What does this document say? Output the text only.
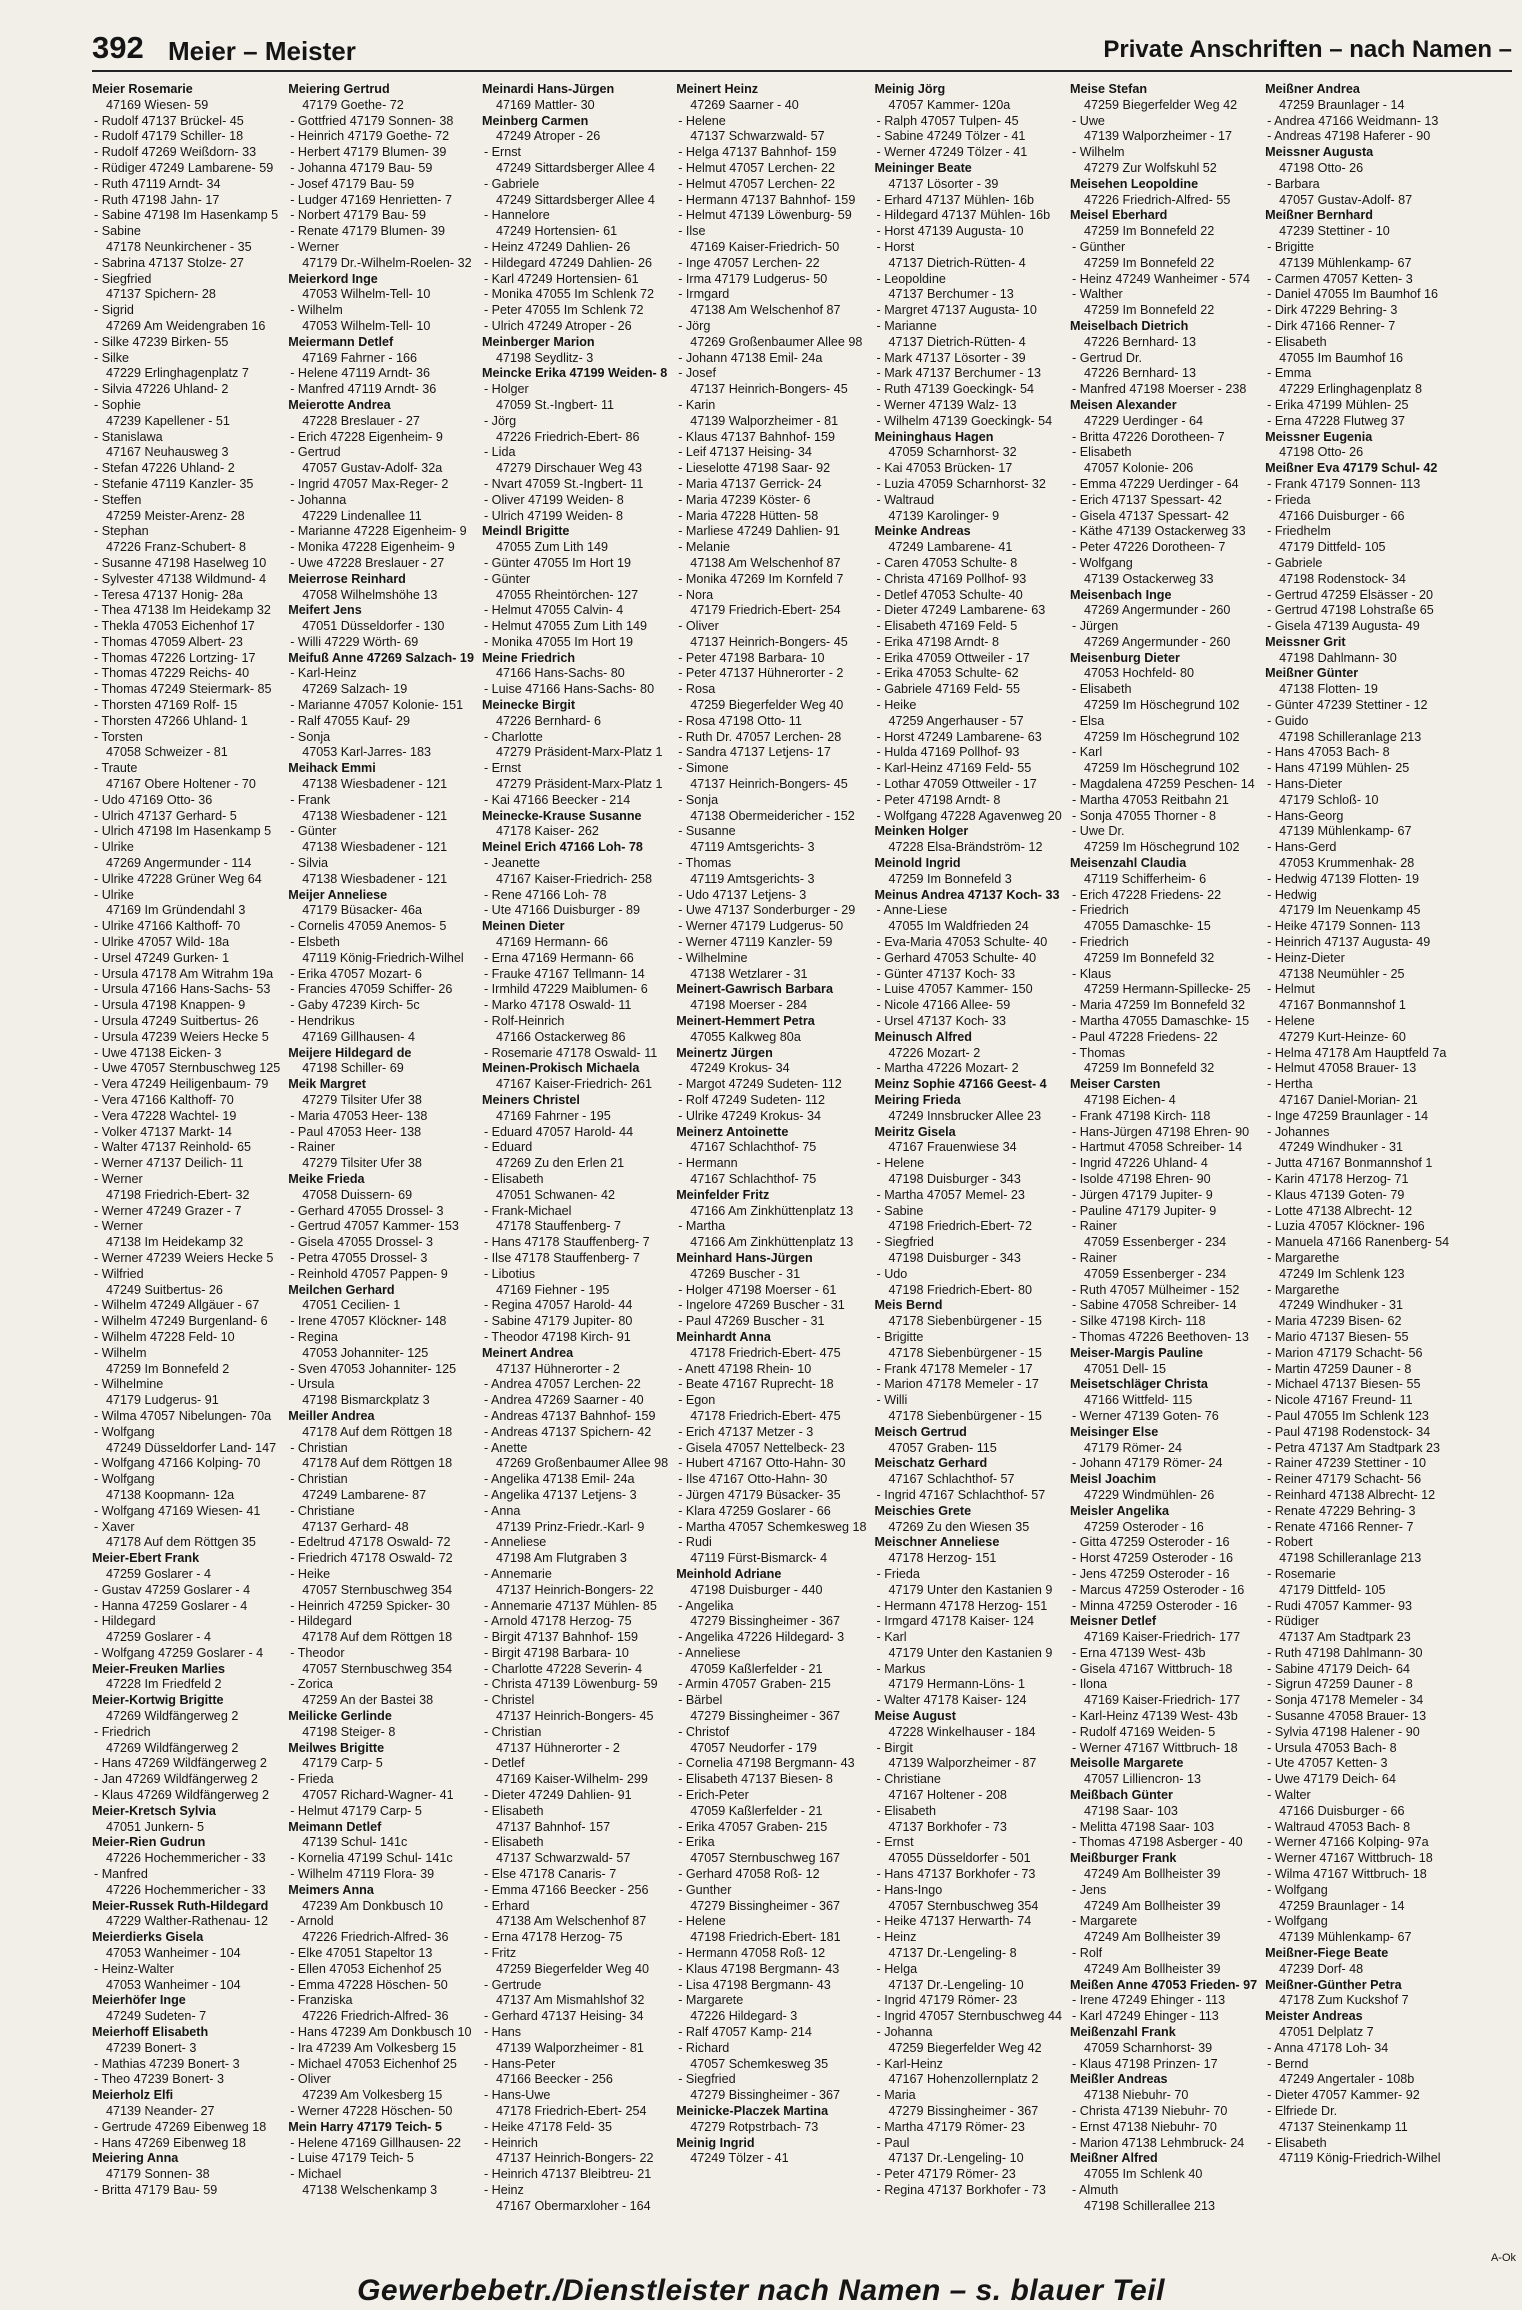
392 Meier – Meister	Private Anschriften – nach Namen –
Meier Rosemarie
47169 Wiesen- 59
- Rudolf 47137 Brückel- 45
- Rudolf 47179 Schiller- 18
- Rudolf 47269 Weißdorn- 33
- Rüdiger 47249 Lambarene- 59
- Ruth 47119 Arndt- 34
- Ruth 47198 Jahn- 17
- Sabine 47198 Im Hasenkamp 5
- Sabine
47178 Neunkirchener - 35
- Sabrina 47137 Stolze- 27
- Siegfried
47137 Spichern- 28
- Sigrid
47269 Am Weidengraben 16
- Silke 47239 Birken- 55
- Silke
47229 Erlinghagenplatz 7
- Silvia 47226 Uhland- 2
- Sophie
47239 Kapellener - 51
- Stanislawa
47167 Neuhausweg 3
- Stefan 47226 Uhland- 2
- Stefanie 47119 Kanzler- 35
- Steffen
47259 Meister-Arenz- 28
- Stephan
47226 Franz-Schubert- 8
- Susanne 47198 Haselweg 10
- Sylvester 47138 Wildmund- 4
- Teresa 47137 Honig- 28a
- Thea 47138 Im Heidekamp 32
- Thekla 47053 Eichenhof 17
- Thomas 47059 Albert- 23
- Thomas 47226 Lortzing- 17
- Thomas 47229 Reichs- 40
- Thomas 47249 Steiermark- 85
- Thorsten 47169 Rolf- 15
- Thorsten 47266 Uhland- 1
- Torsten
47058 Schweizer - 81
- Traute
47167 Obere Holtener - 70
- Udo 47169 Otto- 36
- Ulrich 47137 Gerhard- 5
- Ulrich 47198 Im Hasenkamp 5
- Ulrike
47269 Angermunder - 114
- Ulrike 47228 Grüner Weg 64
- Ulrike
47169 Im Gründendahl 3
- Ulrike 47166 Kalthoff- 70
- Ulrike 47057 Wild- 18a
- Ursel 47249 Gurken- 1
- Ursula 47178 Am Witrahm 19a
- Ursula 47166 Hans-Sachs- 53
- Ursula 47198 Knappen- 9
- Ursula 47249 Suitbertus- 26
- Ursula 47239 Weiers Hecke 5
- Uwe 47138 Eicken- 3
- Uwe 47057 Sternbuschweg 125
- Vera 47249 Heiligenbaum- 79
- Vera 47166 Kalthoff- 70
- Vera 47228 Wachtel- 19
- Volker 47137 Markt- 14
- Walter 47137 Reinhold- 65
- Werner 47137 Deilich- 11
- Werner
47198 Friedrich-Ebert- 32
- Werner 47249 Grazer - 7
- Werner
47138 Im Heidekamp 32
- Werner 47239 Weiers Hecke 5
- Wilfried
47249 Suitbertus- 26
- Wilhelm 47249 Allgäuer - 67
- Wilhelm 47249 Burgenland- 6
- Wilhelm 47228 Feld- 10
- Wilhelm
47259 Im Bonnefeld 2
- Wilhelmine
47179 Ludgerus- 91
- Wilma 47057 Nibelungen- 70a
- Wolfgang
47249 Düsseldorfer Land- 147
- Wolfgang 47166 Kolping- 70
- Wolfgang
47138 Koopmann- 12a
- Wolfgang 47169 Wiesen- 41
- Xaver
47178 Auf dem Röttgen 35
Meier-Ebert Frank
47259 Goslarer - 4
- Gustav 47259 Goslarer - 4
- Hanna 47259 Goslarer - 4
- Hildegard
47259 Goslarer - 4
- Wolfgang 47259 Goslarer - 4
Meier-Freuken Marlies
47228 Im Friedfeld 2
Meier-Kortwig Brigitte
47269 Wildfängerweg 2
- Friedrich
47269 Wildfängerweg 2
- Hans 47269 Wildfängerweg 2
- Jan 47269 Wildfängerweg 2
- Klaus 47269 Wildfängerweg 2
Meier-Kretsch Sylvia
47051 Junkern- 5
Meier-Rien Gudrun
47226 Hochemmericher - 33
- Manfred
47226 Hochemmericher - 33
Meier-Russek Ruth-Hildegard
47229 Walther-Rathenau- 12
Meierdierks Gisela
47053 Wanheimer - 104
- Heinz-Walter
47053 Wanheimer - 104
Meierhöfer Inge
47249 Sudeten- 7
Meierhoff Elisabeth
47239 Bonert- 3
- Mathias 47239 Bonert- 3
- Theo 47239 Bonert- 3
Meierholz Elfi
47139 Neander- 27
- Gertrude 47269 Eibenweg 18
- Hans 47269 Eibenweg 18
Meiering Anna
47179 Sonnen- 38
- Britta 47179 Bau- 59
Meiering Gertrud
47179 Goethe- 72
- Gottfried 47179 Sonnen- 38
- Heinrich 47179 Goethe- 72
- Herbert 47179 Blumen- 39
- Johanna 47179 Bau- 59
- Josef 47179 Bau- 59
- Ludger 47169 Henrietten- 7
- Norbert 47179 Bau- 59
- Renate 47179 Blumen- 39
- Werner
47179 Dr.-Wilhelm-Roelen- 32
Meierkord Inge
47053 Wilhelm-Tell- 10
- Wilhelm
47053 Wilhelm-Tell- 10
Meiermann Detlef
47169 Fahrner - 166
- Helene 47119 Arndt- 36
- Manfred 47119 Arndt- 36
Meierotte Andrea
47228 Breslauer - 27
- Erich 47228 Eigenheim- 9
- Gertrud
47057 Gustav-Adolf- 32a
- Ingrid 47057 Max-Reger- 2
- Johanna
47229 Lindenallee 11
- Marianne 47228 Eigenheim- 9
- Monika 47228 Eigenheim- 9
- Uwe 47228 Breslauer - 27
Meierrose Reinhard
47058 Wilhelmshöhe 13
Meifert Jens
47051 Düsseldorfer - 130
- Willi 47229 Wörth- 69
Meifuß Anne 47269 Salzach- 19
- Karl-Heinz
47269 Salzach- 19
- Marianne 47057 Kolonie- 151
- Ralf 47055 Kauf- 29
- Sonja
47053 Karl-Jarres- 183
Meihack Emmi
47138 Wiesbadener - 121
- Frank
47138 Wiesbadener - 121
- Günter
47138 Wiesbadener - 121
- Silvia
47138 Wiesbadener - 121
Meijer Anneliese
47179 Büsacker- 46a
- Cornelis 47059 Anemos- 5
- Elsbeth
47119 König-Friedrich-Wilhel
- Erika 47057 Mozart- 6
- Francies 47059 Schiffer- 26
- Gaby 47239 Kirch- 5c
- Hendrikus
47169 Gillhausen- 4
Meijere Hildegard de
47198 Schiller- 69
Meik Margret
47279 Tilsiter Ufer 38
- Maria 47053 Heer- 138
- Paul 47053 Heer- 138
- Rainer
47279 Tilsiter Ufer 38
Meike Frieda
47058 Duissern- 69
- Gerhard 47055 Drossel- 3
- Gertrud 47057 Kammer- 153
- Gisela 47055 Drossel- 3
- Petra 47055 Drossel- 3
- Reinhold 47057 Pappen- 9
Meilchen Gerhard
47051 Cecilien- 1
- Irene 47057 Klöckner- 148
- Regina
47053 Johanniter- 125
- Sven 47053 Johanniter- 125
- Ursula
47198 Bismarckplatz 3
Meiller Andrea
47178 Auf dem Röttgen 18
- Christian
47178 Auf dem Röttgen 18
- Christian
47249 Lambarene- 87
- Christiane
47137 Gerhard- 48
- Edeltrud 47178 Oswald- 72
- Friedrich 47178 Oswald- 72
- Heike
47057 Sternbuschweg 354
- Heinrich 47259 Spicker- 30
- Hildegard
47178 Auf dem Röttgen 18
- Theodor
47057 Sternbuschweg 354
- Zorica
47259 An der Bastei 38
Meilicke Gerlinde
47198 Steiger- 8
Meilwes Brigitte
47179 Carp- 5
- Frieda
47057 Richard-Wagner- 41
- Helmut 47179 Carp- 5
Meimann Detlef
47139 Schul- 141c
- Kornelia 47199 Schul- 141c
- Wilhelm 47119 Flora- 39
Meimers Anna
47239 Am Donkbusch 10
- Arnold
47226 Friedrich-Alfred- 36
- Elke 47051 Stapeltor 13
- Ellen 47053 Eichenhof 25
- Emma 47228 Höschen- 50
- Franziska
47226 Friedrich-Alfred- 36
- Hans 47239 Am Donkbusch 10
- Ira 47239 Am Volkesberg 15
- Michael 47053 Eichenhof 25
- Oliver
47239 Am Volkesberg 15
- Werner 47228 Höschen- 50
Mein Harry 47179 Teich- 5
- Helene 47169 Gillhausen- 22
- Luise 47179 Teich- 5
- Michael
47138 Welschenkamp 3
Meinardi Hans-Jürgen
47169 Mattler- 30
Meinberg Carmen
47249 Atroper - 26
- Ernst
47249 Sittardsberger Allee 4
- Gabriele
47249 Sittardsberger Allee 4
- Hannelore
47249 Hortensien- 61
- Heinz 47249 Dahlien- 26
- Hildegard 47249 Dahlien- 26
- Karl 47249 Hortensien- 61
- Monika 47055 Im Schlenk 72
- Peter 47055 Im Schlenk 72
- Ulrich 47249 Atroper - 26
Meinberger Marion
47198 Seydlitz- 3
Meincke Erika 47199 Weiden- 8
- Holger
47059 St.-Ingbert- 11
- Jörg
47226 Friedrich-Ebert- 86
- Lida
47279 Dirschauer Weg 43
- Nvart 47059 St.-Ingbert- 11
- Oliver 47199 Weiden- 8
- Ulrich 47199 Weiden- 8
Meindl Brigitte
47055 Zum Lith 149
- Günter 47055 Im Hort 19
- Günter
47055 Rheintörchen- 127
- Helmut 47055 Calvin- 4
- Helmut 47055 Zum Lith 149
- Monika 47055 Im Hort 19
Meine Friedrich
47166 Hans-Sachs- 80
- Luise 47166 Hans-Sachs- 80
Meinecke Birgit
47226 Bernhard- 6
- Charlotte
47279 Präsident-Marx-Platz 1
- Ernst
47279 Präsident-Marx-Platz 1
- Kai 47166 Beecker - 214
Meinecke-Krause Susanne
47178 Kaiser- 262
Meinel Erich 47166 Loh- 78
- Jeanette
47167 Kaiser-Friedrich- 258
- Rene 47166 Loh- 78
- Ute 47166 Duisburger - 89
Meinen Dieter
47169 Hermann- 66
- Erna 47169 Hermann- 66
- Frauke 47167 Tellmann- 14
- Irmhild 47229 Maiblumen- 6
- Marko 47178 Oswald- 11
- Rolf-Heinrich
47166 Ostackerweg 86
- Rosemarie 47178 Oswald- 11
Meinen-Prokisch Michaela
47167 Kaiser-Friedrich- 261
Meiners Christel
47169 Fahrner - 195
- Eduard 47057 Harold- 44
- Eduard
47269 Zu den Erlen 21
- Elisabeth
47051 Schwanen- 42
- Frank-Michael
47178 Stauffenberg- 7
- Hans 47178 Stauffenberg- 7
- Ilse 47178 Stauffenberg- 7
- Libotius
47169 Fiehner - 195
- Regina 47057 Harold- 44
- Sabine 47179 Jupiter- 80
- Theodor 47198 Kirch- 91
Meinert Andrea
47137 Hühnerorter - 2
- Andrea 47057 Lerchen- 22
- Andrea 47269 Saarner - 40
- Andreas 47137 Bahnhof- 159
- Andreas 47137 Spichern- 42
- Anette
47269 Großenbaumer Allee 98
- Angelika 47138 Emil- 24a
- Angelika 47137 Letjens- 3
- Anna
47139 Prinz-Friedr.-Karl- 9
- Anneliese
47198 Am Flutgraben 3
- Annemarie
47137 Heinrich-Bongers- 22
- Annemarie 47137 Mühlen- 85
- Arnold 47178 Herzog- 75
- Birgit 47137 Bahnhof- 159
- Birgit 47198 Barbara- 10
- Charlotte 47228 Severin- 4
- Christa 47139 Löwenburg- 59
- Christel
47137 Heinrich-Bongers- 45
- Christian
47137 Hühnerorter - 2
- Detlef
47169 Kaiser-Wilhelm- 299
- Dieter 47249 Dahlien- 91
- Elisabeth
47137 Bahnhof- 157
- Elisabeth
47137 Schwarzwald- 57
- Else 47178 Canaris- 7
- Emma 47166 Beecker - 256
- Erhard
47138 Am Welschenhof 87
- Erna 47178 Herzog- 75
- Fritz
47259 Biegerfelder Weg 40
- Gertrude
47137 Am Mismahlshof 32
- Gerhard 47137 Heising- 34
- Hans
47139 Walporzheimer - 81
- Hans-Peter
47166 Beecker - 256
- Hans-Uwe
47178 Friedrich-Ebert- 254
- Heike 47178 Feld- 35
- Heinrich
47137 Heinrich-Bongers- 22
- Heinrich 47137 Bleibtreu- 21
- Heinz
47167 Obermarxloher - 164
Meinert Heinz
47269 Saarner - 40
- Helene
47137 Schwarzwald- 57
- Helga 47137 Bahnhof- 159
- Helmut 47057 Lerchen- 22
- Helmut 47057 Lerchen- 22
- Hermann 47137 Bahnhof- 159
- Helmut 47139 Löwenburg- 59
- Ilse
47169 Kaiser-Friedrich- 50
- Inge 47057 Lerchen- 22
- Irma 47179 Ludgerus- 50
- Irmgard
47138 Am Welschenhof 87
- Jörg
47269 Großenbaumer Allee 98
- Johann 47138 Emil- 24a
- Josef
47137 Heinrich-Bongers- 45
- Karin
47139 Walporzheimer - 81
- Klaus 47137 Bahnhof- 159
- Leif 47137 Heising- 34
- Lieselotte 47198 Saar- 92
- Maria 47137 Gerrick- 24
- Maria 47239 Köster- 6
- Maria 47228 Hütten- 58
- Marliese 47249 Dahlien- 91
- Melanie
47138 Am Welschenhof 87
- Monika 47269 Im Kornfeld 7
- Nora
47179 Friedrich-Ebert- 254
- Oliver
47137 Heinrich-Bongers- 45
- Peter 47198 Barbara- 10
- Peter 47137 Hühnerorter - 2
- Rosa
47259 Biegerfelder Weg 40
- Rosa 47198 Otto- 11
- Ruth Dr. 47057 Lerchen- 28
- Sandra 47137 Letjens- 17
- Simone
47137 Heinrich-Bongers- 45
- Sonja
47138 Obermeidericher - 152
- Susanne
47119 Amtsgerichts- 3
- Thomas
47119 Amtsgerichts- 3
- Udo 47137 Letjens- 3
- Uwe 47137 Sonderburger - 29
- Werner 47179 Ludgerus- 50
- Werner 47119 Kanzler- 59
- Wilhelmine
47138 Wetzlarer - 31
Meinert-Gawrisch Barbara
47198 Moerser - 284
Meinert-Hemmert Petra
47055 Kalkweg 80a
Meinertz Jürgen
47249 Krokus- 34
- Margot 47249 Sudeten- 112
- Rolf 47249 Sudeten- 112
- Ulrike 47249 Krokus- 34
Meinerz Antoinette
47167 Schlachthof- 75
- Hermann
47167 Schlachthof- 75
Meinfelder Fritz
47166 Am Zinkhüttenplatz 13
- Martha
47166 Am Zinkhüttenplatz 13
Meinhard Hans-Jürgen
47269 Buscher - 31
- Holger 47198 Moerser - 61
- Ingelore 47269 Buscher - 31
- Paul 47269 Buscher - 31
Meinhardt Anna
47178 Friedrich-Ebert- 475
- Anett 47198 Rhein- 10
- Beate 47167 Ruprecht- 18
- Egon
47178 Friedrich-Ebert- 475
- Erich 47137 Metzer - 3
- Gisela 47057 Nettelbeck- 23
- Hubert 47167 Otto-Hahn- 30
- Ilse 47167 Otto-Hahn- 30
- Jürgen 47179 Büsacker- 35
- Klara 47259 Goslarer - 66
- Martha 47057 Schemkesweg 18
- Rudi
47119 Fürst-Bismarck- 4
Meinhold Adriane
47198 Duisburger - 440
- Angelika
47279 Bissingheimer - 367
- Angelika 47226 Hildegard- 3
- Anneliese
47059 Kaßlerfelder - 21
- Armin 47057 Graben- 215
- Bärbel
47279 Bissingheimer - 367
- Christof
47057 Neudorfer - 179
- Cornelia 47198 Bergmann- 43
- Elisabeth 47137 Biesen- 8
- Erich-Peter
47059 Kaßlerfelder - 21
- Erika 47057 Graben- 215
- Erika
47057 Sternbuschweg 167
- Gerhard 47058 Roß- 12
- Gunther
47279 Bissingheimer - 367
- Helene
47198 Friedrich-Ebert- 181
- Hermann 47058 Roß- 12
- Klaus 47198 Bergmann- 43
- Lisa 47198 Bergmann- 43
- Margarete
47226 Hildegard- 3
- Ralf 47057 Kamp- 214
- Richard
47057 Schemkesweg 35
- Siegfried
47279 Bissingheimer - 367
Meinicke-Placzek Martina
47279 Rotpstrbach- 73
Meinig Ingrid
47249 Tölzer - 41
Meinig Jörg
47057 Kammer- 120a
- Ralph 47057 Tulpen- 45
- Sabine 47249 Tölzer - 41
- Werner 47249 Tölzer - 41
Meininger Beate
47137 Lösorter - 39
- Erhard 47137 Mühlen- 16b
- Hildegard 47137 Mühlen- 16b
- Horst 47139 Augusta- 10
- Horst
47137 Dietrich-Rütten- 4
- Leopoldine
47137 Berchumer - 13
- Margret 47137 Augusta- 10
- Marianne
47137 Dietrich-Rütten- 4
- Mark 47137 Lösorter - 39
- Mark 47137 Berchumer - 13
- Ruth 47139 Goeckingk- 54
- Werner 47139 Walz- 13
- Wilhelm 47139 Goeckingk- 54
Meininghaus Hagen
47059 Scharnhorst- 32
- Kai 47053 Brücken- 17
- Luzia 47059 Scharnhorst- 32
- Waltraud
47139 Karolinger- 9
Meinke Andreas
47249 Lambarene- 41
- Caren 47053 Schulte- 8
- Christa 47169 Pollhof- 93
- Detlef 47053 Schulte- 40
- Dieter 47249 Lambarene- 63
- Elisabeth 47169 Feld- 5
- Erika 47198 Arndt- 8
- Erika 47059 Ottweiler - 17
- Erika 47053 Schulte- 62
- Gabriele 47169 Feld- 55
- Heike
47259 Angerhauser - 57
- Horst 47249 Lambarene- 63
- Hulda 47169 Pollhof- 93
- Karl-Heinz 47169 Feld- 55
- Lothar 47059 Ottweiler - 17
- Peter 47198 Arndt- 8
- Wolfgang 47228 Agavenweg 20
Meinken Holger
47228 Elsa-Brändström- 12
Meinold Ingrid
47259 Im Bonnefeld 3
Meinus Andrea 47137 Koch- 33
- Anne-Liese
47055 Im Waldfrieden 24
- Eva-Maria 47053 Schulte- 40
- Gerhard 47053 Schulte- 40
- Günter 47137 Koch- 33
- Luise 47057 Kammer- 150
- Nicole 47166 Allee- 59
- Ursel 47137 Koch- 33
Meinusch Alfred
47226 Mozart- 2
- Martha 47226 Mozart- 2
Meinz Sophie 47166 Geest- 4
Meiring Frieda
47249 Innsbrucker Allee 23
Meiritz Gisela
47167 Frauenwiese 34
- Helene
47198 Duisburger - 343
- Martha 47057 Memel- 23
- Sabine
47198 Friedrich-Ebert- 72
- Siegfried
47198 Duisburger - 343
- Udo
47198 Friedrich-Ebert- 80
Meis Bernd
47178 Siebenbürgener - 15
- Brigitte
47178 Siebenbürgener - 15
- Frank 47178 Memeler - 17
- Marion 47178 Memeler - 17
- Willi
47178 Siebenbürgener - 15
Meisch Gertrud
47057 Graben- 115
Meischatz Gerhard
47167 Schlachthof- 57
- Ingrid 47167 Schlachthof- 57
Meischies Grete
47269 Zu den Wiesen 35
Meischner Anneliese
47178 Herzog- 151
- Frieda
47179 Unter den Kastanien 9
- Hermann 47178 Herzog- 151
- Irmgard 47178 Kaiser- 124
- Karl
47179 Unter den Kastanien 9
- Markus
47179 Hermann-Löns- 1
- Walter 47178 Kaiser- 124
Meise August
47228 Winkelhauser - 184
- Birgit
47139 Walporzheimer - 87
- Christiane
47167 Holtener - 208
- Elisabeth
47137 Borkhofer - 73
- Ernst
47055 Düsseldorfer - 501
- Hans 47137 Borkhofer - 73
- Hans-Ingo
47057 Sternbuschweg 354
- Heike 47137 Herwarth- 74
- Heinz
47137 Dr.-Lengeling- 8
- Helga
47137 Dr.-Lengeling- 10
- Ingrid 47179 Römer- 23
- Ingrid 47057 Sternbuschweg 44
- Johanna
47259 Biegerfelder Weg 42
- Karl-Heinz
47167 Hohenzollernplatz 2
- Maria
47279 Bissingheimer - 367
- Martha 47179 Römer- 23
- Paul
47137 Dr.-Lengeling- 10
- Peter 47179 Römer- 23
- Regina 47137 Borkhofer - 73
Meise Stefan
47259 Biegerfelder Weg 42
- Uwe
47139 Walporzheimer - 17
- Wilhelm
47279 Zur Wolfskuhl 52
Meisehen Leopoldine
47226 Friedrich-Alfred- 55
Meisel Eberhard
47259 Im Bonnefeld 22
- Günther
47259 Im Bonnefeld 22
- Heinz 47249 Wanheimer - 574
- Walther
47259 Im Bonnefeld 22
Meiselbach Dietrich
47226 Bernhard- 13
- Gertrud Dr.
47226 Bernhard- 13
- Manfred 47198 Moerser - 238
Meisen Alexander
47229 Uerdinger - 64
- Britta 47226 Dorotheen- 7
- Elisabeth
47057 Kolonie- 206
- Emma 47229 Uerdinger - 64
- Erich 47137 Spessart- 42
- Gisela 47137 Spessart- 42
- Käthe 47139 Ostackerweg 33
- Peter 47226 Dorotheen- 7
- Wolfgang
47139 Ostackerweg 33
Meisenbach Inge
47269 Angermunder - 260
- Jürgen
47269 Angermunder - 260
Meisenburg Dieter
47053 Hochfeld- 80
- Elisabeth
47259 Im Höschegrund 102
- Elsa
47259 Im Höschegrund 102
- Karl
47259 Im Höschegrund 102
- Magdalena 47259 Peschen- 14
- Martha 47053 Reitbahn 21
- Sonja 47055 Thorner - 8
- Uwe Dr.
47259 Im Höschegrund 102
Meisenzahl Claudia
47119 Schifferheim- 6
- Erich 47228 Friedens- 22
- Friedrich
47055 Damaschke- 15
- Friedrich
47259 Im Bonnefeld 32
- Klaus
47259 Hermann-Spillecke- 25
- Maria 47259 Im Bonnefeld 32
- Martha 47055 Damaschke- 15
- Paul 47228 Friedens- 22
- Thomas
47259 Im Bonnefeld 32
Meiser Carsten
47198 Eichen- 4
- Frank 47198 Kirch- 118
- Hans-Jürgen 47198 Ehren- 90
- Hartmut 47058 Schreiber- 14
- Ingrid 47226 Uhland- 4
- Isolde 47198 Ehren- 90
- Jürgen 47179 Jupiter- 9
- Pauline 47179 Jupiter- 9
- Rainer
47059 Essenberger - 234
- Rainer
47059 Essenberger - 234
- Ruth 47057 Mülheimer - 152
- Sabine 47058 Schreiber- 14
- Silke 47198 Kirch- 118
- Thomas 47226 Beethoven- 13
Meiser-Margis Pauline
47051 Dell- 15
Meisetschläger Christa
47166 Wittfeld- 115
- Werner 47139 Goten- 76
Meisinger Else
47179 Römer- 24
- Johann 47179 Römer- 24
Meisl Joachim
47229 Windmühlen- 26
Meisler Angelika
47259 Osteroder - 16
- Gitta 47259 Osteroder - 16
- Horst 47259 Osteroder - 16
- Jens 47259 Osteroder - 16
- Marcus 47259 Osteroder - 16
- Minna 47259 Osteroder - 16
Meisner Detlef
47169 Kaiser-Friedrich- 177
- Erna 47139 West- 43b
- Gisela 47167 Wittbruch- 18
- Ilona
47169 Kaiser-Friedrich- 177
- Karl-Heinz 47139 West- 43b
- Rudolf 47169 Weiden- 5
- Werner 47167 Wittbruch- 18
Meisolle Margarete
47057 Lilliencron- 13
Meißbach Günter
47198 Saar- 103
- Melitta 47198 Saar- 103
- Thomas 47198 Asberger - 40
Meißburger Frank
47249 Am Bollheister 39
- Jens
47249 Am Bollheister 39
- Margarete
47249 Am Bollheister 39
- Rolf
47249 Am Bollheister 39
Meißen Anne 47053 Frieden- 97
- Irene 47249 Ehinger - 113
- Karl 47249 Ehinger - 113
Meißenzahl Frank
47059 Scharnhorst- 39
- Klaus 47198 Prinzen- 17
Meißler Andreas
47138 Niebuhr- 70
- Christa 47139 Niebuhr- 70
- Ernst 47138 Niebuhr- 70
- Marion 47138 Lehmbruck- 24
Meißner Alfred
47055 Im Schlenk 40
- Almuth
47198 Schillerallee 213
Meißner Andrea
47259 Braunlager - 14
- Andrea 47166 Weidmann- 13
- Andreas 47198 Haferer - 90
Meissner Augusta
47198 Otto- 26
- Barbara
47057 Gustav-Adolf- 87
Meißner Bernhard
47239 Stettiner - 10
- Brigitte
47139 Mühlenkamp- 67
- Carmen 47057 Ketten- 3
- Daniel 47055 Im Baumhof 16
- Dirk 47229 Behring- 3
- Dirk 47166 Renner- 7
- Elisabeth
47055 Im Baumhof 16
- Emma
47229 Erlinghagenplatz 8
- Erika 47199 Mühlen- 25
- Erna 47228 Flutweg 37
Meissner Eugenia
47198 Otto- 26
Meißner Eva 47179 Schul- 42
- Frank 47179 Sonnen- 113
- Frieda
47166 Duisburger - 66
- Friedhelm
47179 Dittfeld- 105
- Gabriele
47198 Rodenstock- 34
- Gertrud 47259 Elsässer - 20
- Gertrud 47198 Lohstraße 65
- Gisela 47139 Augusta- 49
Meissner Grit
47198 Dahlmann- 30
Meißner Günter
47138 Flotten- 19
- Günter 47239 Stettiner - 12
- Guido
47198 Schilleranlage 213
- Hans 47053 Bach- 8
- Hans 47199 Mühlen- 25
- Hans-Dieter
47179 Schloß- 10
- Hans-Georg
47139 Mühlenkamp- 67
- Hans-Gerd
47053 Krummenhak- 28
- Hedwig 47139 Flotten- 19
- Hedwig
47179 Im Neuenkamp 45
- Heike 47179 Sonnen- 113
- Heinrich 47137 Augusta- 49
- Heinz-Dieter
47138 Neumühler - 25
- Helmut
47167 Bonmannshof 1
- Helene
47279 Kurt-Heinze- 60
- Helma 47178 Am Hauptfeld 7a
- Helmut 47058 Brauer- 13
- Hertha
47167 Daniel-Morian- 21
- Inge 47259 Braunlager - 14
- Johannes
47249 Windhuker - 31
- Jutta 47167 Bonmannshof 1
- Karin 47178 Herzog- 71
- Klaus 47139 Goten- 79
- Lotte 47138 Albrecht- 12
- Luzia 47057 Klöckner- 196
- Manuela 47166 Ranenberg- 54
- Margarethe
47249 Im Schlenk 123
- Margarethe
47249 Windhuker - 31
- Maria 47239 Bisen- 62
- Mario 47137 Biesen- 55
- Marion 47179 Schacht- 56
- Martin 47259 Dauner - 8
- Michael 47137 Biesen- 55
- Nicole 47167 Freund- 11
- Paul 47055 Im Schlenk 123
- Paul 47198 Rodenstock- 34
- Petra 47137 Am Stadtpark 23
- Rainer 47239 Stettiner - 10
- Reiner 47179 Schacht- 56
- Reinhard 47138 Albrecht- 12
- Renate 47229 Behring- 3
- Renate 47166 Renner- 7
- Robert
47198 Schilleranlage 213
- Rosemarie
47179 Dittfeld- 105
- Rudi 47057 Kammer- 93
- Rüdiger
47137 Am Stadtpark 23
- Ruth 47198 Dahlmann- 30
- Sabine 47179 Deich- 64
- Sigrun 47259 Dauner - 8
- Sonja 47178 Memeler - 34
- Susanne 47058 Brauer- 13
- Sylvia 47198 Halener - 90
- Ursula 47053 Bach- 8
- Ute 47057 Ketten- 3
- Uwe 47179 Deich- 64
- Walter
47166 Duisburger - 66
- Waltraud 47053 Bach- 8
- Werner 47166 Kolping- 97a
- Werner 47167 Wittbruch- 18
- Wilma 47167 Wittbruch- 18
- Wolfgang
47259 Braunlager - 14
- Wolfgang
47139 Mühlenkamp- 67
Meißner-Fiege Beate
47239 Dorf- 48
Meißner-Günther Petra
47178 Zum Kuckshof 7
Meister Andreas
47051 Delplatz 7
- Anna 47178 Loh- 34
- Bernd
47249 Angertaler - 108b
- Dieter 47057 Kammer- 92
- Elfriede Dr.
47137 Steinenkamp 11
- Elisabeth
47119 König-Friedrich-Wilhel
A-Ok
Gewerbebetr./Dienstleister nach Namen – s. blauer Teil
